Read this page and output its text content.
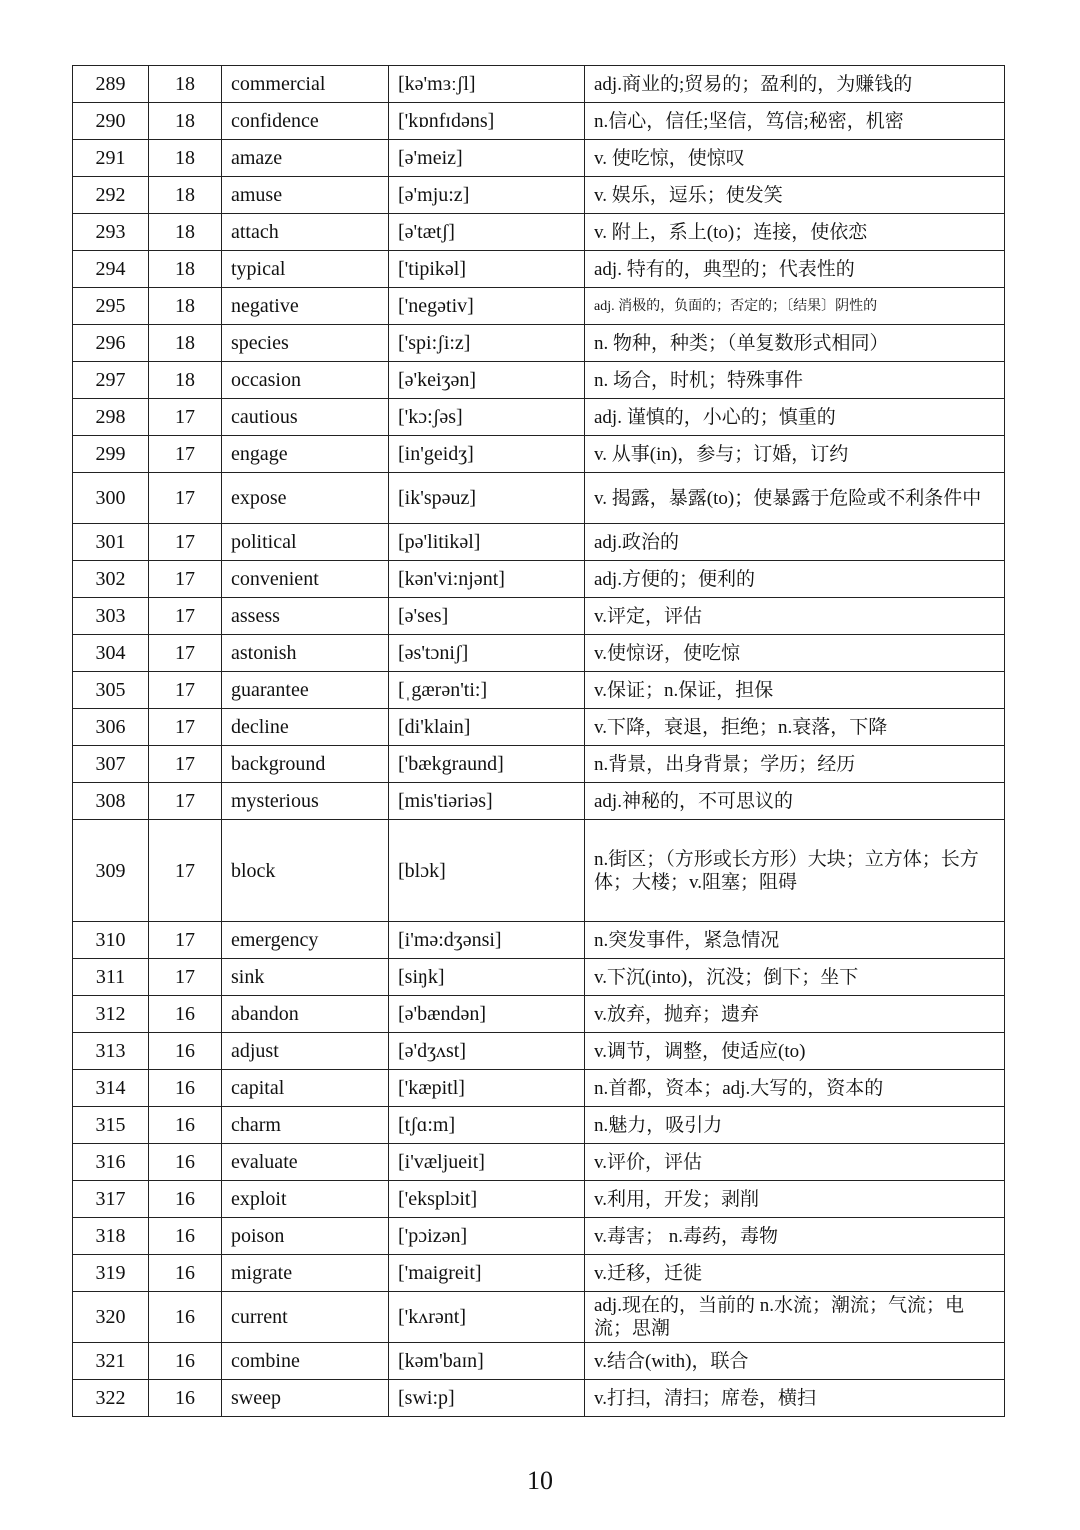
289	18	commercial	[kə'mɜːʃl]	adj.商业的;贸易的；盈利的，为赚钱的
290	18	confidence	['kɒnfɪdəns]	n.信心，信任;坚信，笃信;秘密，机密
291	18	amaze	[ə'meiz]	v. 使吃惊，使惊叹
292	18	amuse	[ə'mju:z]	v. 娱乐，逗乐；使发笑
293	18	attach	[ə'tætʃ]	v. 附上，系上(to)；连接，使依恋
294	18	typical	['tipikəl]	adj. 特有的，典型的；代表性的
295	18	negative	['negətiv]	adj. 消极的，负面的；否定的；〔结果〕阴性的
296	18	species	['spi:ʃi:z]	n. 物种，种类；（单复数形式相同）
297	18	occasion	[ə'keiʒən]	n. 场合，时机；特殊事件
298	17	cautious	['kɔ:ʃəs]	adj. 谨慎的，小心的；慎重的
299	17	engage	[in'geidʒ]	v. 从事(in)，参与；订婚，订约
300	17	expose	[ik'spəuz]	v. 揭露，暴露(to)；使暴露于危险或不利条件中
301	17	political	[pə'litikəl]	adj.政治的
302	17	convenient	[kən'vi:njənt]	adj.方便的；便利的
303	17	assess	[ə'ses]	v.评定，评估
304	17	astonish	[əs'tɔniʃ]	v.使惊讶，使吃惊
305	17	guarantee	[ˌgærən'ti:]	v.保证；n.保证，担保
306	17	decline	[di'klain]	v.下降，衰退，拒绝；n.衰落，下降
307	17	background	['bækgraund]	n.背景，出身背景；学历；经历
308	17	mysterious	[mis'tiəriəs]	adj.神秘的，不可思议的
309	17	block	[blɔk]	n.街区；（方形或长方形）大块；立方体；长方体；大楼；v.阻塞；阻碍
310	17	emergency	[i'mə:dʒənsi]	n.突发事件，紧急情况
311	17	sink	[siŋk]	v.下沉(into)，沉没；倒下；坐下
312	16	abandon	[ə'bændən]	v.放弃，抛弃；遗弃
313	16	adjust	[ə'dʒʌst]	v.调节，调整，使适应(to)
314	16	capital	['kæpitl]	n.首都，资本；adj.大写的，资本的
315	16	charm	[tʃɑ:m]	n.魅力，吸引力
316	16	evaluate	[i'væljueit]	v.评价，评估
317	16	exploit	['eksplɔit]	v.利用，开发；剥削
318	16	poison	['pɔizən]	v.毒害； n.毒药，毒物
319	16	migrate	['maigreit]	v.迁移，迁徙
320	16	current	['kʌrənt]	adj.现在的，当前的 n.水流；潮流；气流；电流；思潮
321	16	combine	[kəm'baɪn]	v.结合(with)，联合
322	16	sweep	[swi:p]	v.打扫，清扫；席卷，横扫
10
